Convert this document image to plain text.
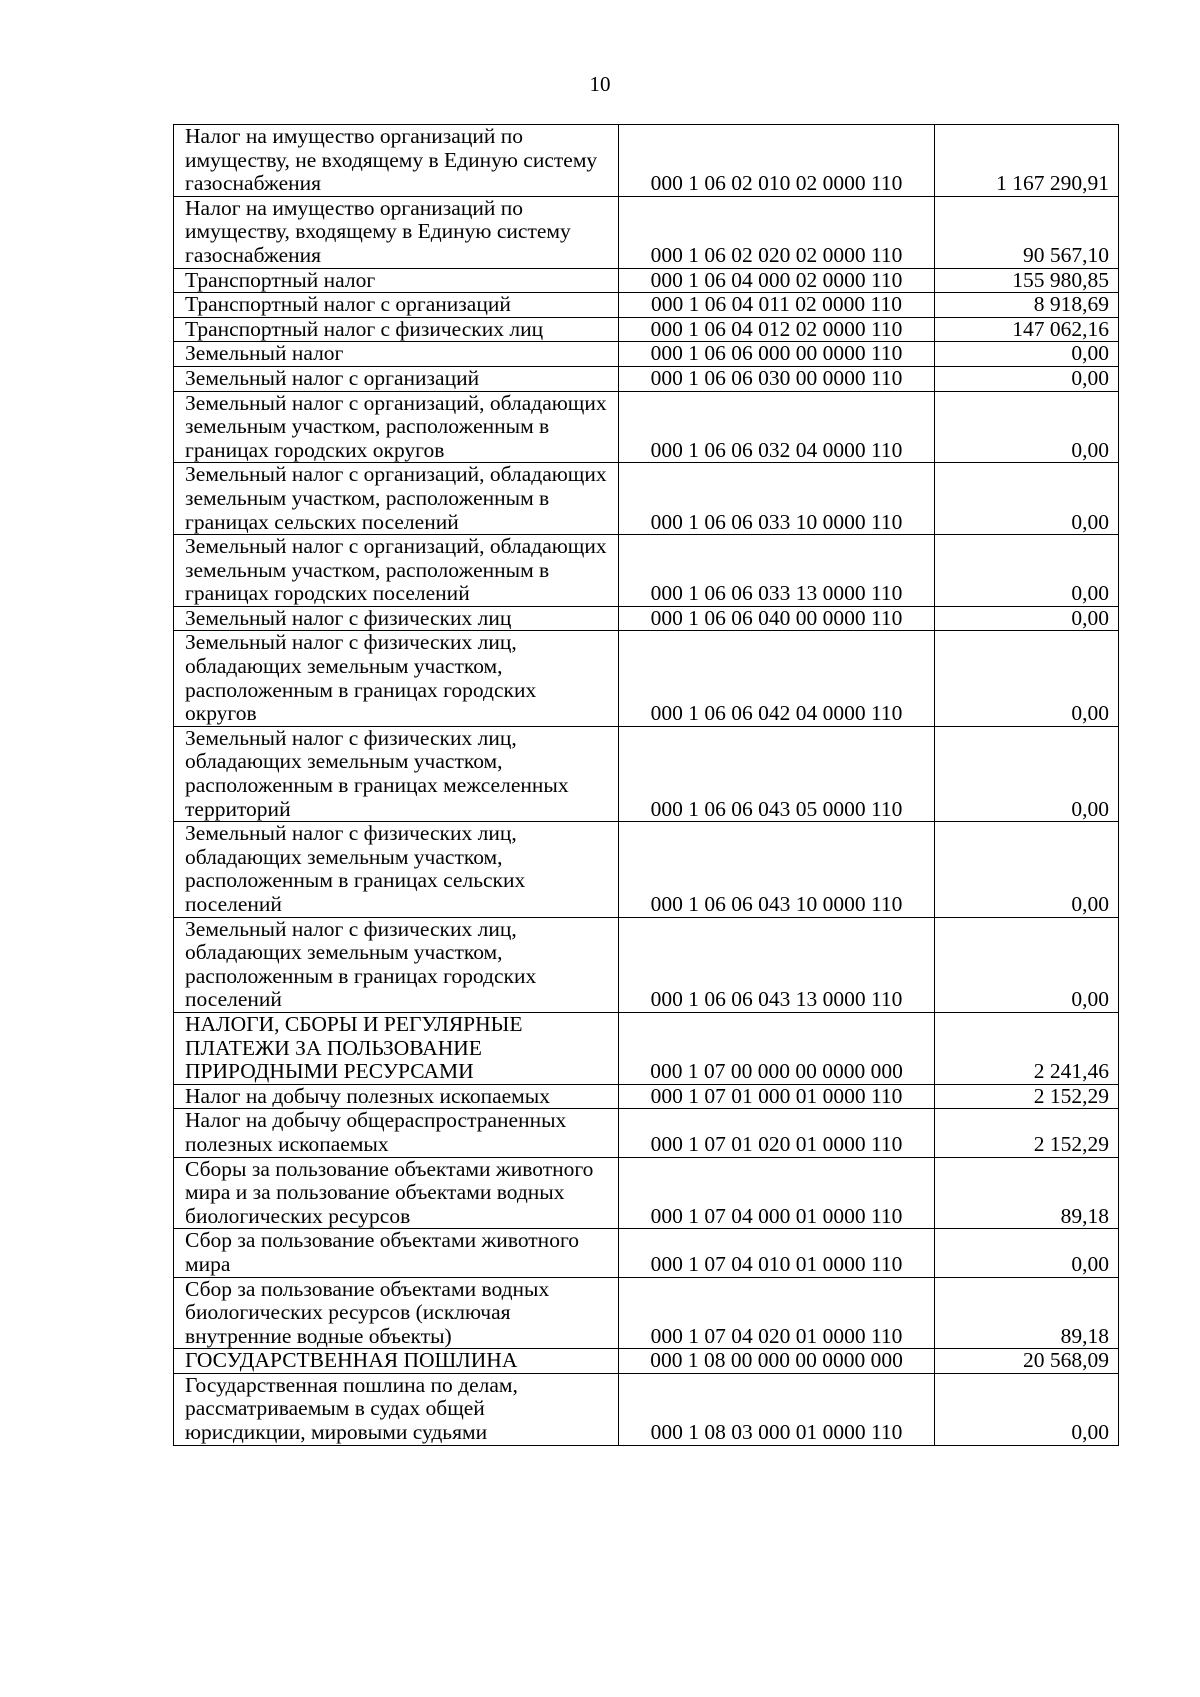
10
Налог на имущество организаций по имуществу, не входящему в Единую систему газоснабжения	000 1 06 02 010 02 0000 110	1 167 290,91
Налог на имущество организаций по имуществу, входящему в Единую систему газоснабжения	000 1 06 02 020 02 0000 110	90 567,10
Транспортный налог	000 1 06 04 000 02 0000 110	155 980,85
Транспортный налог с организаций	000 1 06 04 011 02 0000 110	8 918,69
Транспортный налог с физических лиц	000 1 06 04 012 02 0000 110	147 062,16
Земельный налог	000 1 06 06 000 00 0000 110	0,00
Земельный налог с организаций	000 1 06 06 030 00 0000 110	0,00
Земельный налог с организаций, обладающих земельным участком, расположенным в границах городских округов	000 1 06 06 032 04 0000 110	0,00
Земельный налог с организаций, обладающих земельным участком, расположенным в границах сельских поселений	000 1 06 06 033 10 0000 110	0,00
Земельный налог с организаций, обладающих земельным участком, расположенным в границах городских поселений	000 1 06 06 033 13 0000 110	0,00
Земельный налог с физических лиц	000 1 06 06 040 00 0000 110	0,00
Земельный налог с физических лиц, обладающих земельным участком, расположенным в границах городских округов	000 1 06 06 042 04 0000 110	0,00
Земельный налог с физических лиц, обладающих земельным участком, расположенным в границах межселенных территорий	000 1 06 06 043 05 0000 110	0,00
Земельный налог с физических лиц, обладающих земельным участком, расположенным в границах сельских поселений	000 1 06 06 043 10 0000 110	0,00
Земельный налог с физических лиц, обладающих земельным участком, расположенным в границах городских поселений	000 1 06 06 043 13 0000 110	0,00
НАЛОГИ, СБОРЫ И РЕГУЛЯРНЫЕ ПЛАТЕЖИ ЗА ПОЛЬЗОВАНИЕ ПРИРОДНЫМИ РЕСУРСАМИ	000 1 07 00 000 00 0000 000	2 241,46
Налог на добычу полезных ископаемых	000 1 07 01 000 01 0000 110	2 152,29
Налог на добычу общераспространенных полезных ископаемых	000 1 07 01 020 01 0000 110	2 152,29
Сборы за пользование объектами животного мира и за пользование объектами водных биологических ресурсов	000 1 07 04 000 01 0000 110	89,18
Сбор за пользование объектами животного мира	000 1 07 04 010 01 0000 110	0,00
Сбор за пользование объектами водных биологических ресурсов (исключая внутренние водные объекты)	000 1 07 04 020 01 0000 110	89,18
ГОСУДАРСТВЕННАЯ ПОШЛИНА	000 1 08 00 000 00 0000 000	20 568,09
Государственная пошлина по делам, рассматриваемым в судах общей юрисдикции, мировыми судьями	000 1 08 03 000 01 0000 110	0,00
